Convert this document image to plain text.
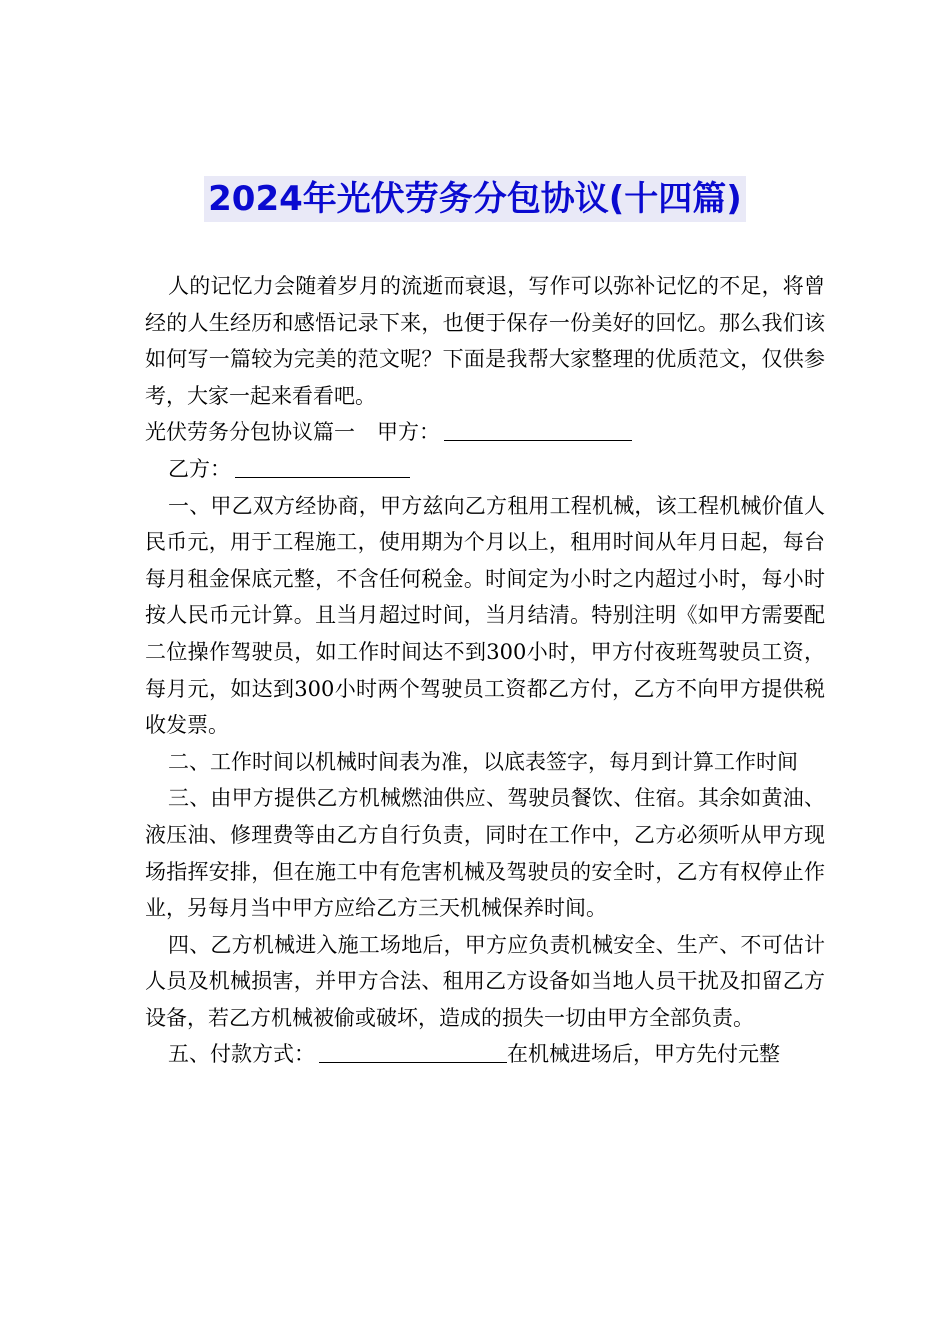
2024年光伏劳务分包协议(十四篇)

人的记忆力会随着岁月的流逝而衰退，写作可以弥补记忆的不足，将曾经的人生经历和感悟记录下来，也便于保存一份美好的回忆。那么我们该如何写一篇较为完美的范文呢？下面是我帮大家整理的优质范文，仅供参考，大家一起来看看吧。

光伏劳务分包协议篇一 甲方：

乙方：

一、甲乙双方经协商，甲方兹向乙方租用工程机械，该工程机械价值人民币元，用于工程施工，使用期为个月以上，租用时间从年月日起，每台每月租金保底元整，不含任何税金。时间定为小时之内超过小时，每小时按人民币元计算。且当月超过时间，当月结清。特别注明《如甲方需要配二位操作驾驶员，如工作时间达不到300小时，甲方付夜班驾驶员工资，每月元，如达到300小时两个驾驶员工资都乙方付，乙方不向甲方提供税收发票。

二、工作时间以机械时间表为准，以底表签字，每月到计算工作时间

三、由甲方提供乙方机械燃油供应、驾驶员餐饮、住宿。其余如黄油、液压油、修理费等由乙方自行负责，同时在工作中，乙方必须听从甲方现场指挥安排，但在施工中有危害机械及驾驶员的安全时，乙方有权停止作业，另每月当中甲方应给乙方三天机械保养时间。

四、乙方机械进入施工场地后，甲方应负责机械安全、生产、不可估计人员及机械损害，并甲方合法、租用乙方设备如当地人员干扰及扣留乙方设备，若乙方机械被偷或破坏，造成的损失一切由甲方全部负责。

五、付款方式：	在机械进场后，甲方先付元整
